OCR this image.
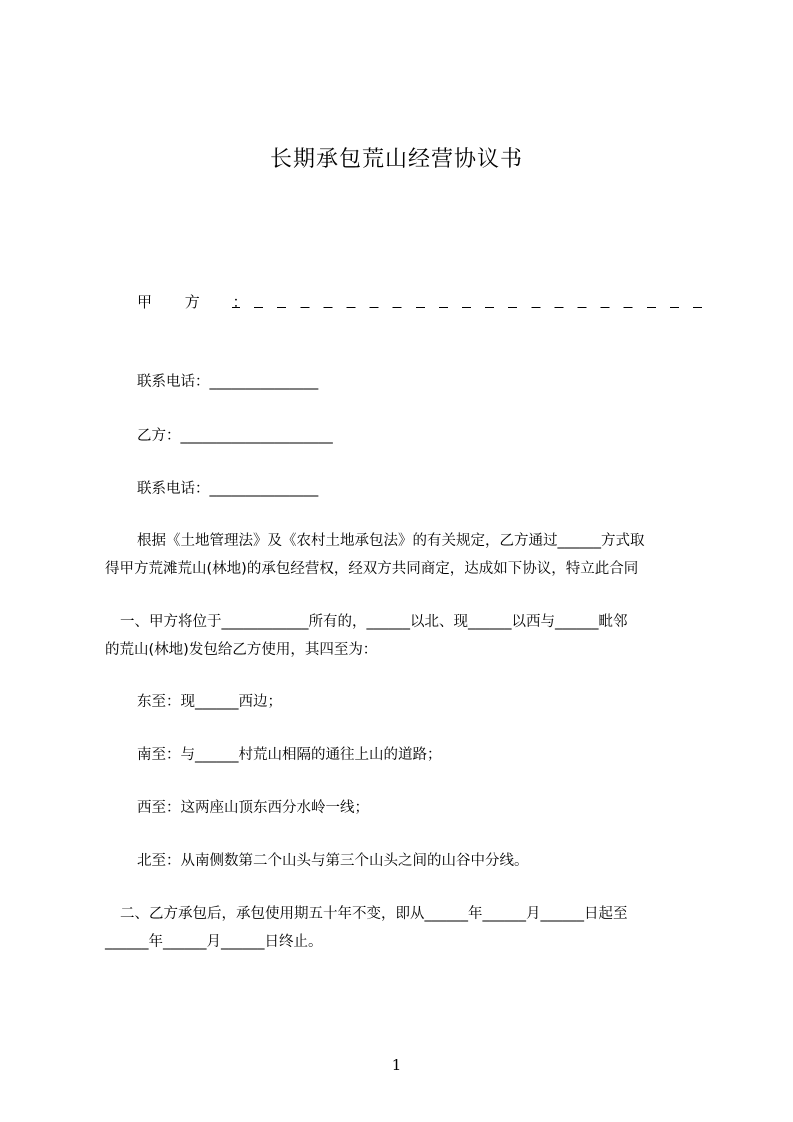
长期承包荒山经营协议书
甲 方 ：
联系电话：_______________
乙方：_____________________
联系电话：_______________
根据《土地管理法》及《农村土地承包法》的有关规定，乙方通过______方式取
得甲方荒滩荒山(林地)的承包经营权，经双方共同商定，达成如下协议，特立此合同
一、甲方将位于____________所有的，______以北、现______以西与______毗邻
的荒山(林地)发包给乙方使用，其四至为：
东至：现______西边；
南至：与______村荒山相隔的通往上山的道路；
西至：这两座山顶东西分水岭一线；
北至：从南侧数第二个山头与第三个山头之间的山谷中分线。
二、乙方承包后，承包使用期五十年不变，即从______年______月______日起至
______年______月______日终止。
1
